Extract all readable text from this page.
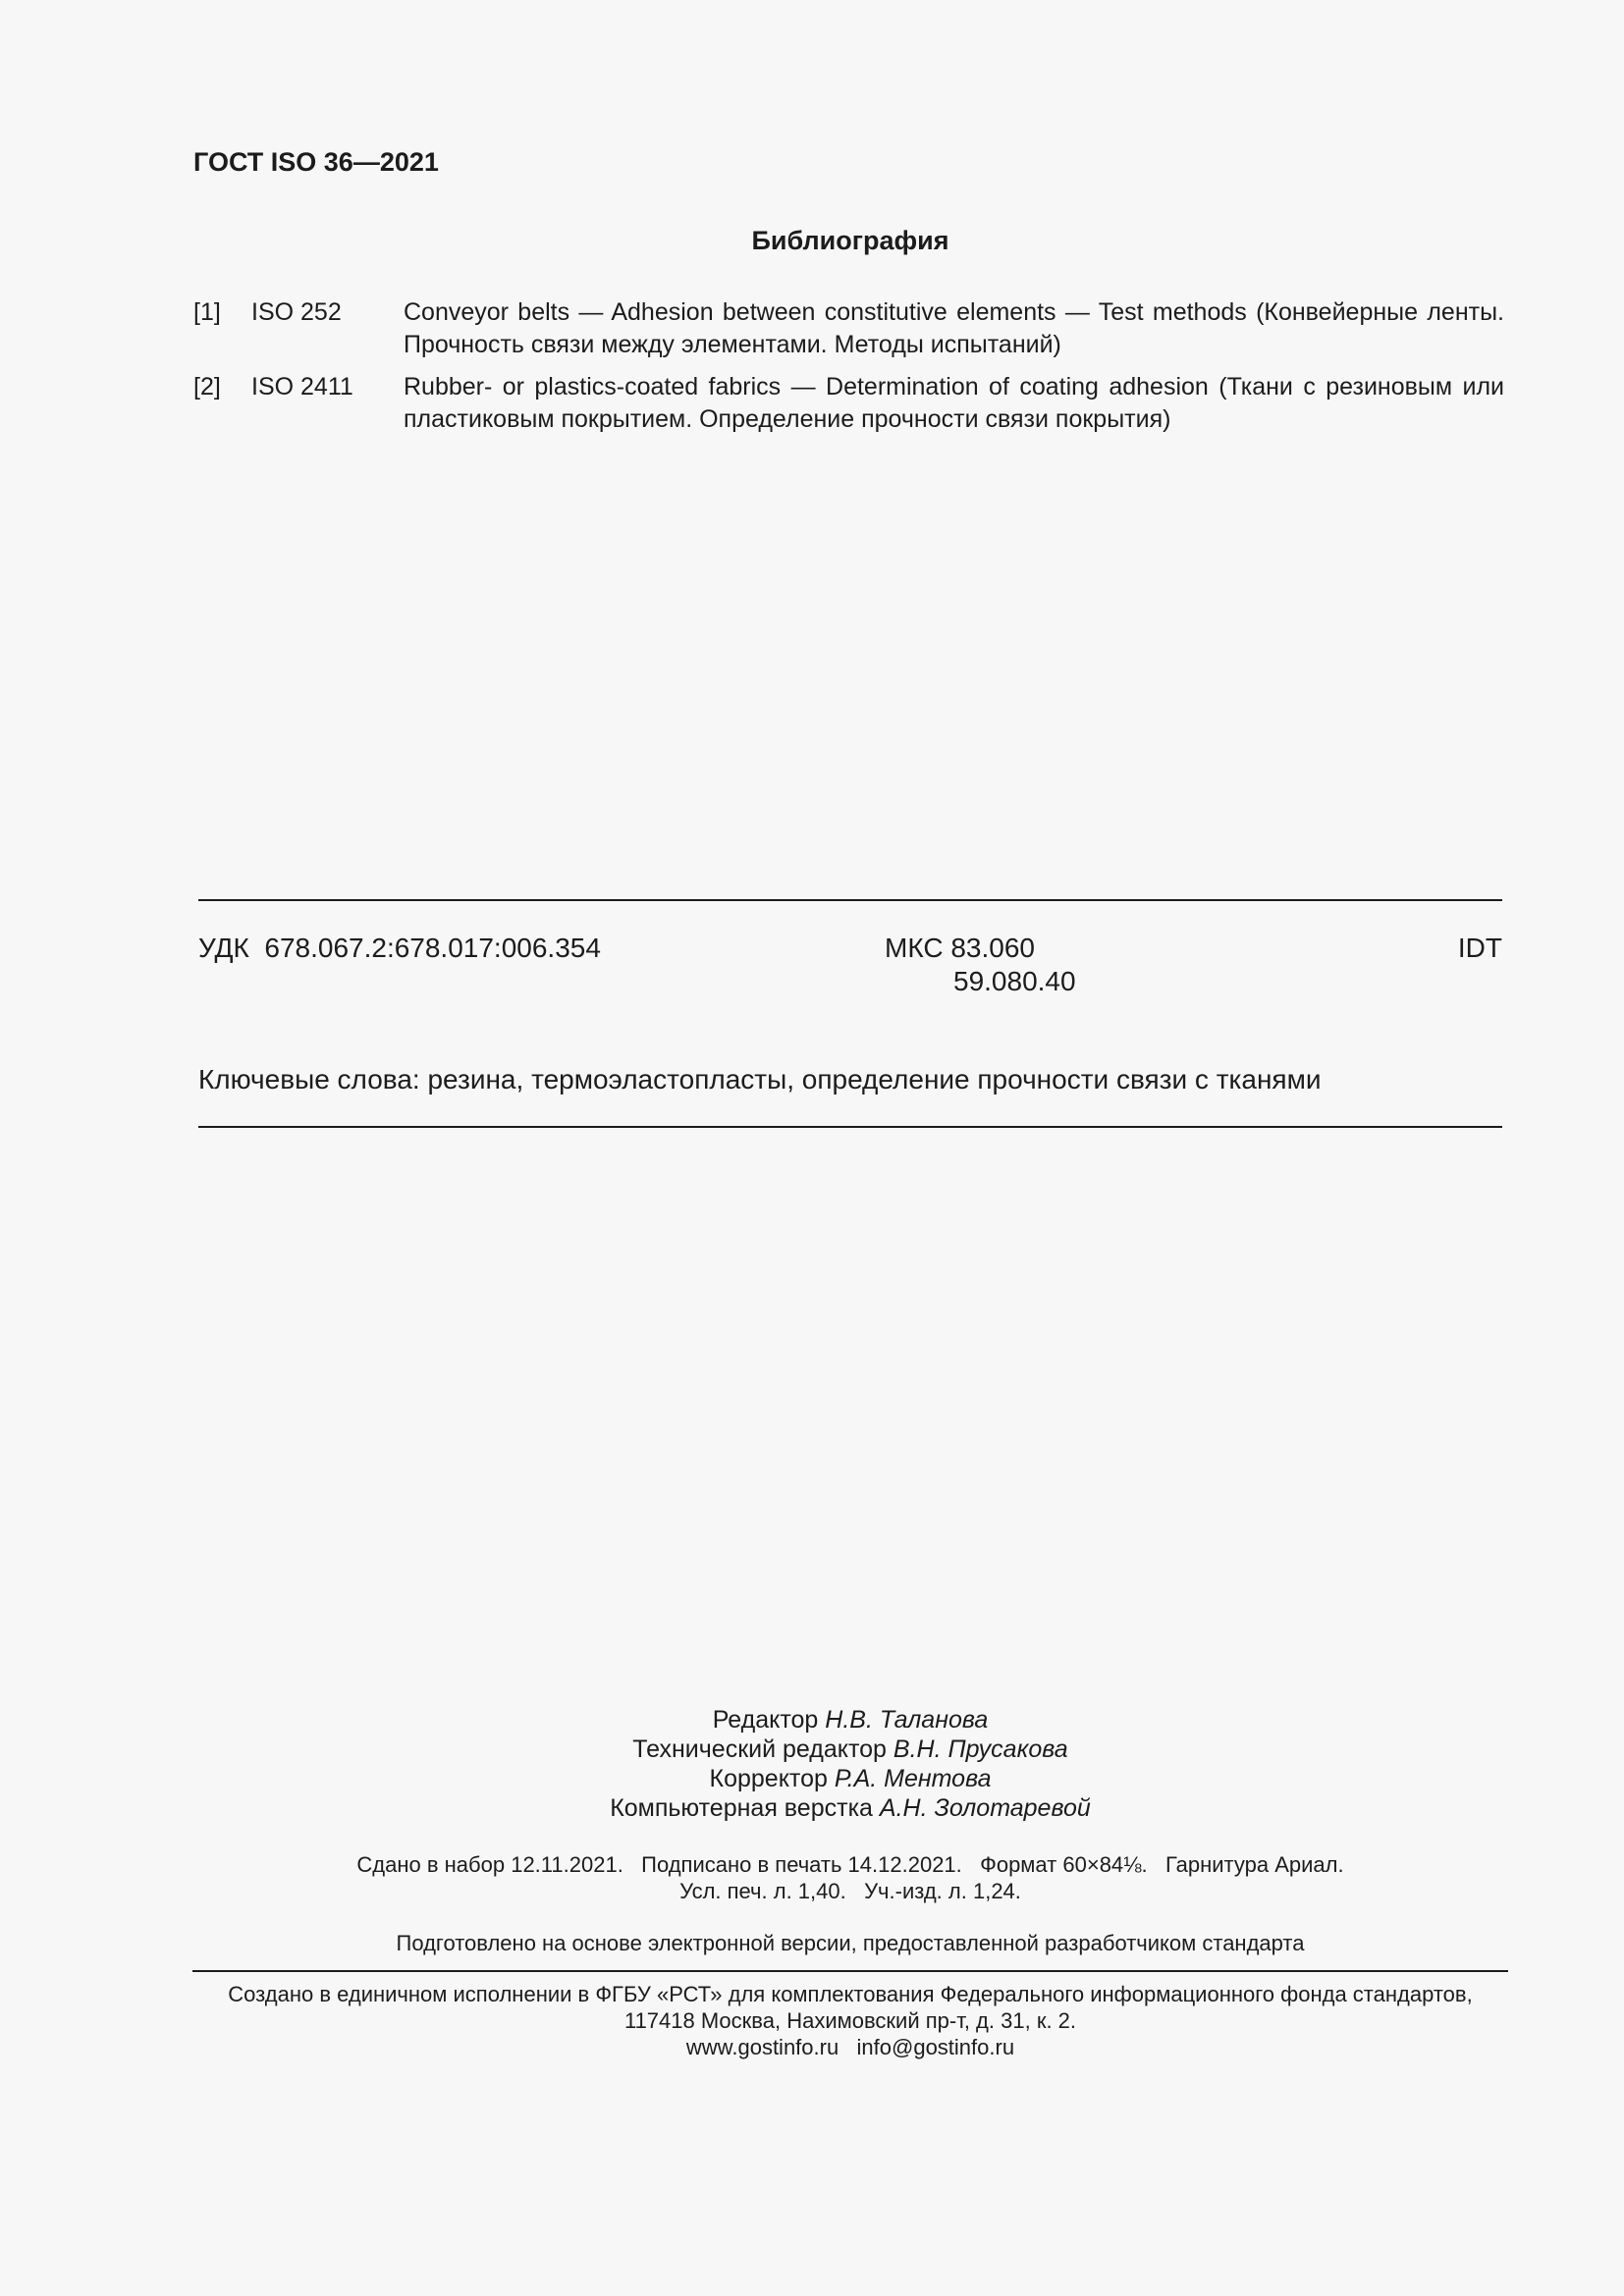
ГОСТ ISO 36—2021
Библиография
[1] ISO 252	Conveyor belts — Adhesion between constitutive elements — Test methods (Конвейерные ленты. Прочность связи между элементами. Методы испытаний)
[2] ISO 2411 Rubber- or plastics-coated fabrics — Determination of coating adhesion (Ткани с резиновым или пластиковым покрытием. Определение прочности связи покрытия)
УДК 678.067.2:678.017:006.354	МКС 83.060
59.080.40
IDT
Ключевые слова: резина, термоэластопласты, определение прочности связи с тканями
Редактор Н.В. Таланова
Технический редактор В.Н. Прусакова
Корректор Р.А. Ментова
Компьютерная верстка А.Н. Золотаревой
Сдано в набор 12.11.2021.   Подписано в печать 14.12.2021.   Формат 60×84⅛.   Гарнитура Ариал.
Усл. печ. л. 1,40.   Уч.-изд. л. 1,24.
Подготовлено на основе электронной версии, предоставленной разработчиком стандарта
Создано в единичном исполнении в ФГБУ «РСТ» для комплектования Федерального информационного фонда стандартов,
117418 Москва, Нахимовский пр-т, д. 31, к. 2.
www.gostinfo.ru   info@gostinfo.ru
